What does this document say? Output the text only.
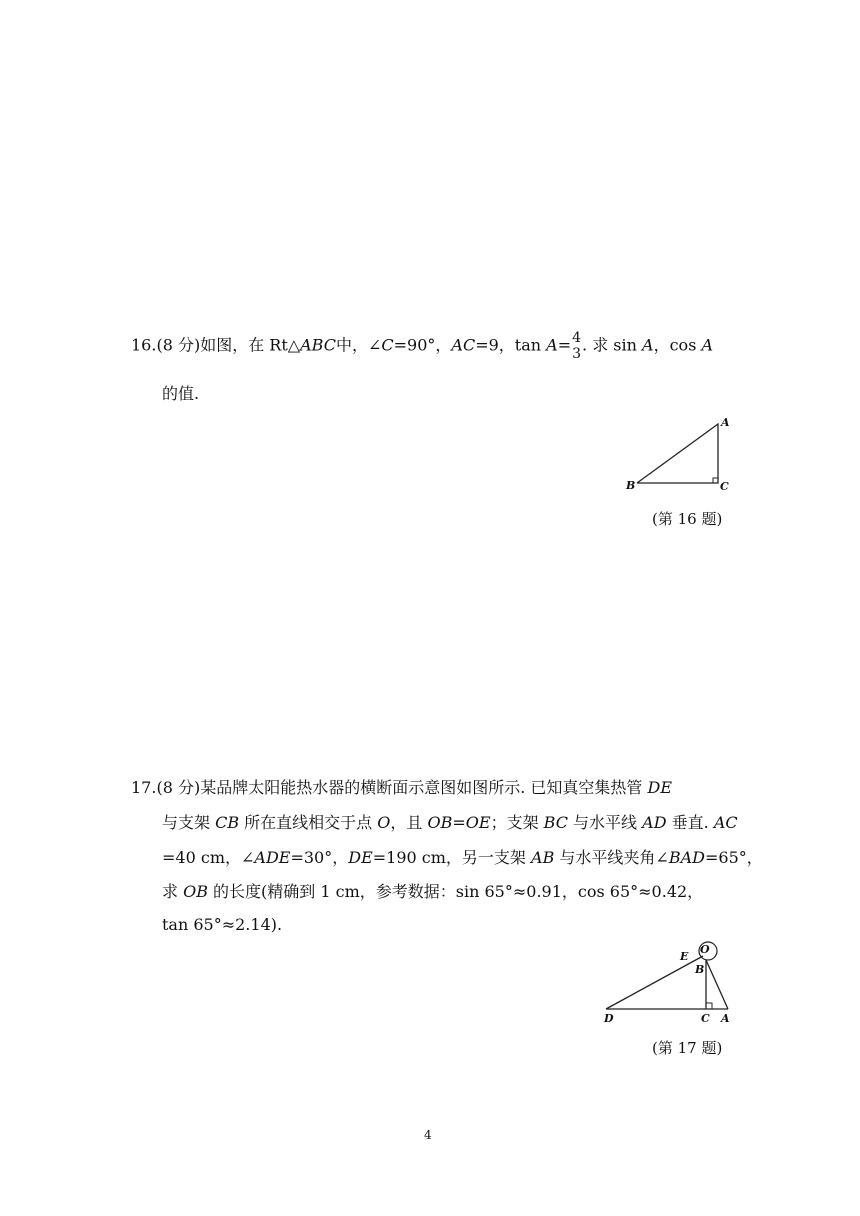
16.(8 分)如图，在 Rt△ABC中，∠C=90°，AC=9，tan A= 4
3 . 求 sin A，cos A
的值.
A
B	C
(第 16 题)
17.(8 分)某品牌太阳能热水器的横断面示意图如图所示. 已知真空集热管 DE
与支架 CB 所在直线相交于点 O，且 OB=OE；支架 BC 与水平线 AD 垂直. AC
=40 cm，∠ADE=30°，DE=190 cm，另一支架 AB 与水平线夹角∠BAD=65°，
求 OB 的长度(精确到 1 cm，参考数据：sin 65°≈0.91，cos 65°≈0.42，
tan 65°≈2.14).
O
E
B
D	C A
(第 17 题)
4
